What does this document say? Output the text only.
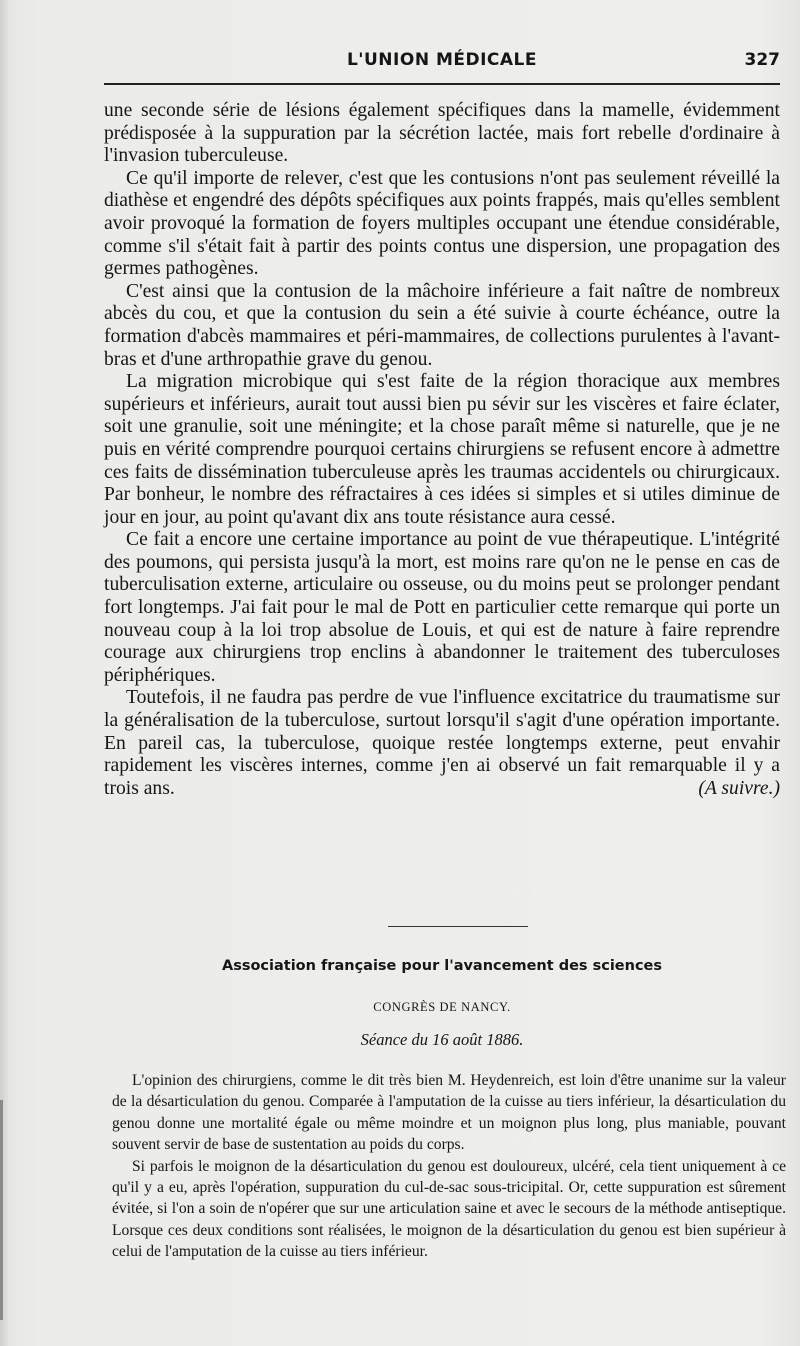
L'UNION MÉDICALE	327

une seconde série de lésions également spécifiques dans la mamelle, évidemment prédisposée à la suppuration par la sécrétion lactée, mais fort rebelle d'ordinaire à l'invasion tuberculeuse.

Ce qu'il importe de relever, c'est que les contusions n'ont pas seulement réveillé la diathèse et engendré des dépôts spécifiques aux points frappés, mais qu'elles semblent avoir provoqué la formation de foyers multiples occupant une étendue considérable, comme s'il s'était fait à partir des points contus une dispersion, une propagation des germes pathogènes.

C'est ainsi que la contusion de la mâchoire inférieure a fait naître de nombreux abcès du cou, et que la contusion du sein a été suivie à courte échéance, outre la formation d'abcès mammaires et péri-mammaires, de collections purulentes à l'avant-bras et d'une arthropathie grave du genou.

La migration microbique qui s'est faite de la région thoracique aux membres supérieurs et inférieurs, aurait tout aussi bien pu sévir sur les viscères et faire éclater, soit une granulie, soit une méningite; et la chose paraît même si naturelle, que je ne puis en vérité comprendre pourquoi certains chirurgiens se refusent encore à admettre ces faits de dissémination tuberculeuse après les traumas accidentels ou chirurgicaux. Par bonheur, le nombre des réfractaires à ces idées si simples et si utiles diminue de jour en jour, au point qu'avant dix ans toute résistance aura cessé.

Ce fait a encore une certaine importance au point de vue thérapeutique. L'intégrité des poumons, qui persista jusqu'à la mort, est moins rare qu'on ne le pense en cas de tuberculisation externe, articulaire ou osseuse, ou du moins peut se prolonger pendant fort longtemps. J'ai fait pour le mal de Pott en particulier cette remarque qui porte un nouveau coup à la loi trop absolue de Louis, et qui est de nature à faire reprendre courage aux chirurgiens trop enclins à abandonner le traitement des tuberculoses périphériques.

Toutefois, il ne faudra pas perdre de vue l'influence excitatrice du traumatisme sur la généralisation de la tuberculose, surtout lorsqu'il s'agit d'une opération importante. En pareil cas, la tuberculose, quoique restée longtemps externe, peut envahir rapidement les viscères internes, comme j'en ai observé un fait remarquable il y a trois ans.	(A suivre.)
Association française pour l'avancement des sciences
CONGRÈS DE NANCY.
Séance du 16 août 1886.

L'opinion des chirurgiens, comme le dit très bien M. Heydenreich, est loin d'être unanime sur la valeur de la désarticulation du genou. Comparée à l'amputation de la cuisse au tiers inférieur, la désarticulation du genou donne une mortalité égale ou même moindre et un moignon plus long, plus maniable, pouvant souvent servir de base de sustentation au poids du corps.

Si parfois le moignon de la désarticulation du genou est douloureux, ulcéré, cela tient uniquement à ce qu'il y a eu, après l'opération, suppuration du cul-de-sac sous-tricipital. Or, cette suppuration est sûrement évitée, si l'on a soin de n'opérer que sur une articulation saine et avec le secours de la méthode antiseptique. Lorsque ces deux conditions sont réalisées, le moignon de la désarticulation du genou est bien supérieur à celui de l'amputation de la cuisse au tiers inférieur.
